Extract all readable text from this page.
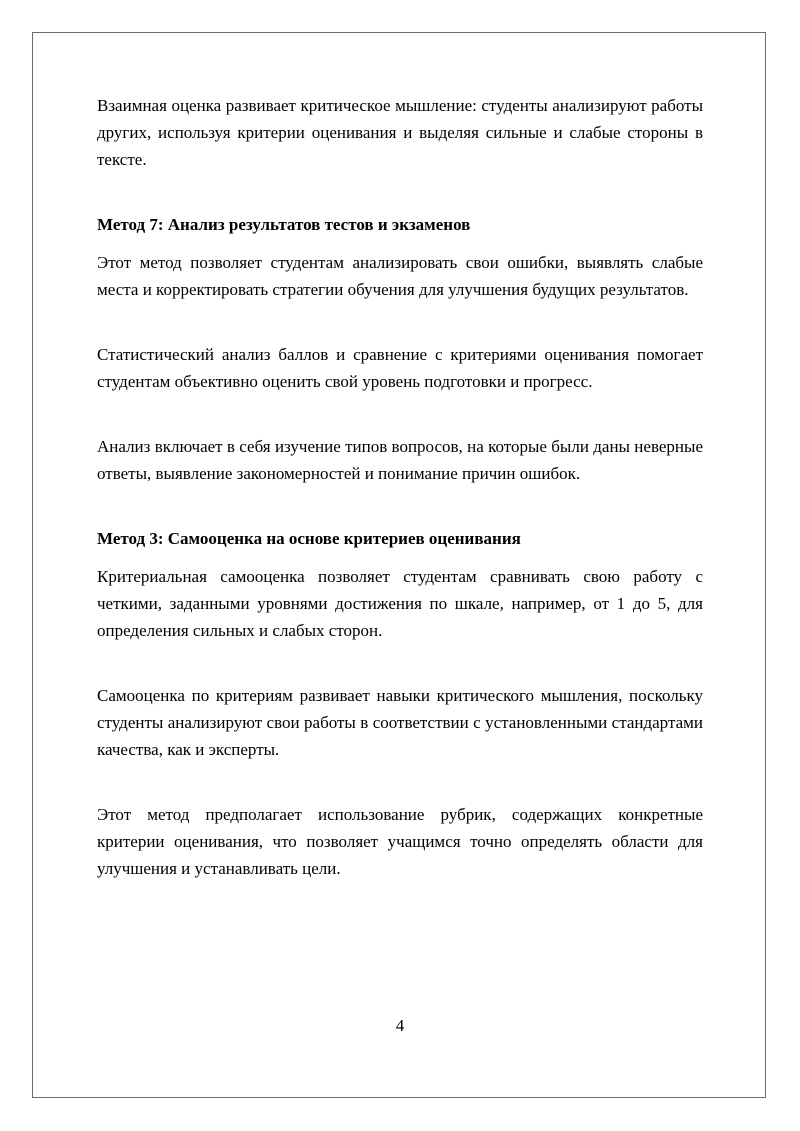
Взаимная оценка развивает критическое мышление: студенты анализируют работы других, используя критерии оценивания и выделяя сильные и слабые стороны в тексте.

Метод 7: Анализ результатов тестов и экзаменов

Этот метод позволяет студентам анализировать свои ошибки, выявлять слабые места и корректировать стратегии обучения для улучшения будущих результатов.

Статистический анализ баллов и сравнение с критериями оценивания помогает студентам объективно оценить свой уровень подготовки и прогресс.

Анализ включает в себя изучение типов вопросов, на которые были даны неверные ответы, выявление закономерностей и понимание причин ошибок.

Метод 3: Самооценка на основе критериев оценивания

Критериальная самооценка позволяет студентам сравнивать свою работу с четкими, заданными уровнями достижения по шкале, например, от 1 до 5, для определения сильных и слабых сторон.

Самооценка по критериям развивает навыки критического мышления, поскольку студенты анализируют свои работы в соответствии с установленными стандартами качества, как и эксперты.

Этот метод предполагает использование рубрик, содержащих конкретные критерии оценивания, что позволяет учащимся точно определять области для улучшения и устанавливать цели.

4
